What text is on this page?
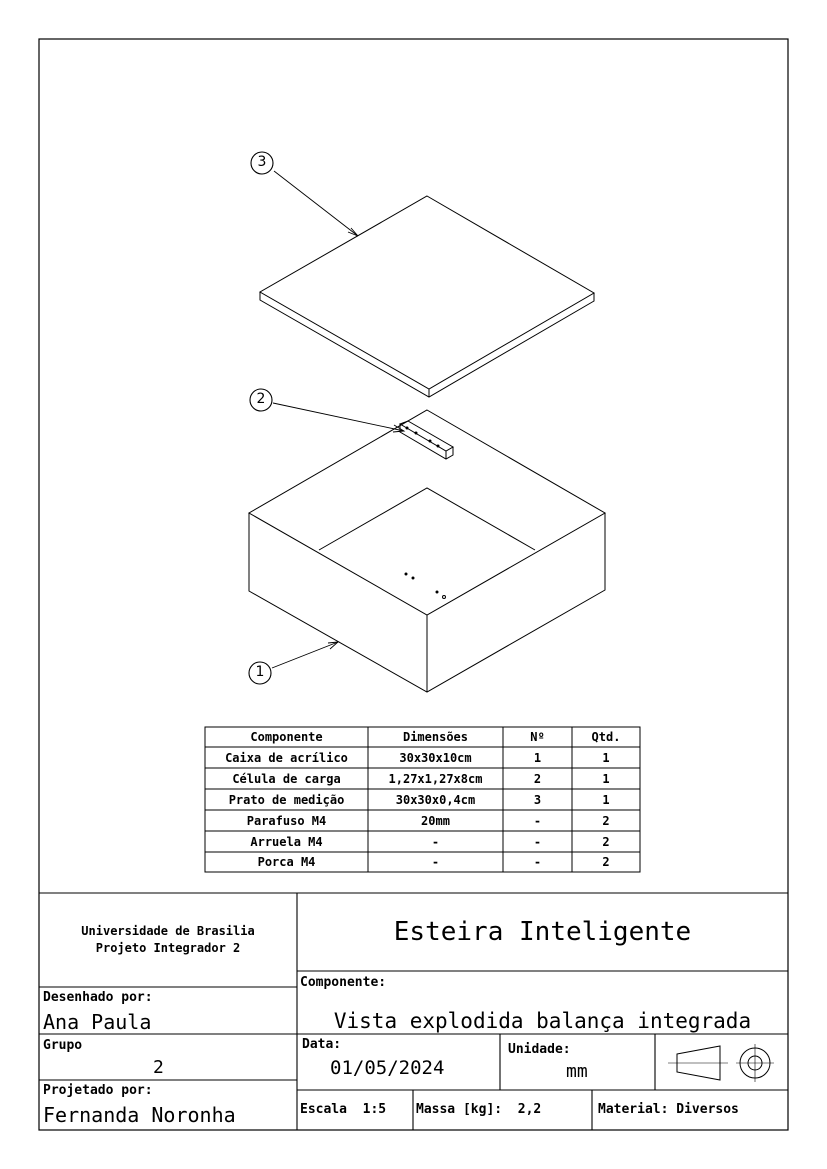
3
2
1
Componente	Dimensões	Nº	Qtd.
Caixa de acrílico	30x30x10cm	1	1
Célula de carga	1,27x1,27x8cm	2	1
Prato de medição	30x30x0,4cm	3	1
Parafuso M4	20mm	-	2
Arruela M4	-	-	2
Porca M4	-	-	2
Universidade de Brasilia
Projeto Integrador 2
Esteira Inteligente
Componente:
Vista explodida balança integrada
Desenhado por:
Ana Paula
Grupo
2
Projetado por:
Fernanda Noronha
Data:
01/05/2024
Unidade:
mm
Escala  1:5 Massa [kg]:  2,2	Material: Diversos
